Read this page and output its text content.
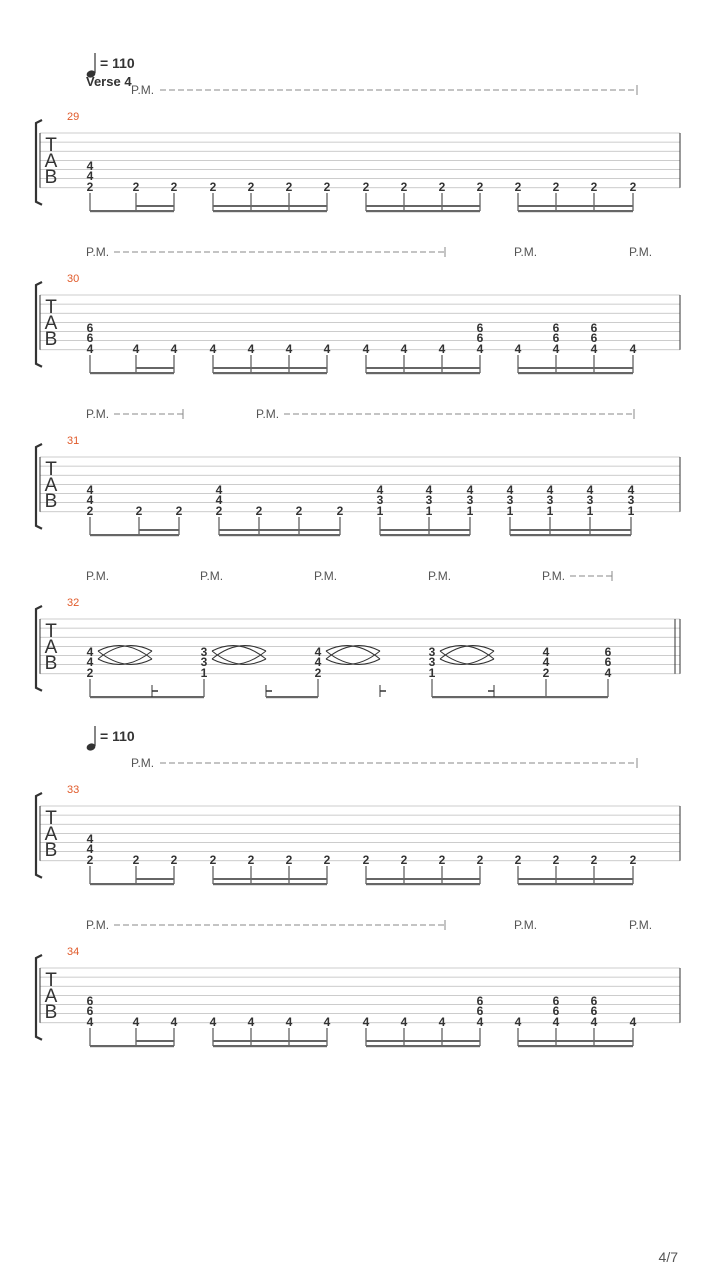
T
A
B
29
= 110
Verse 4
P.M.
4
4
2	2	2	2	2	2	2	2	2	2	2	2	2	2	2
T
A
B
30
P.M.	P.M.	P.M.
6
6
4	4	4	4	4	4	4	4	4	4
6
6
4	4
6
6
4
6
6
4	4
T
A
B
31
P.M.	P.M.
4
4
2	2	2
4
4
2	2	2	2
4
3
1
4
3
1
4
3
1
4
3
1
4
3
1
4
3
1
4
3
1
T
A
B
32
P.M.	P.M.	P.M.	P.M.	P.M.
4
4
2
3
3
1
4
4
2
3
3
1
4
4
2
6
6
4
T
A
B
33
= 110
P.M.
4
4
2	2	2	2	2	2	2	2	2	2	2	2	2	2	2
T
A
B
34
P.M.	P.M.	P.M.
6
6
4	4	4	4	4	4	4	4	4	4
6
6
4	4
6
6
4
6
6
4	4
4/7
